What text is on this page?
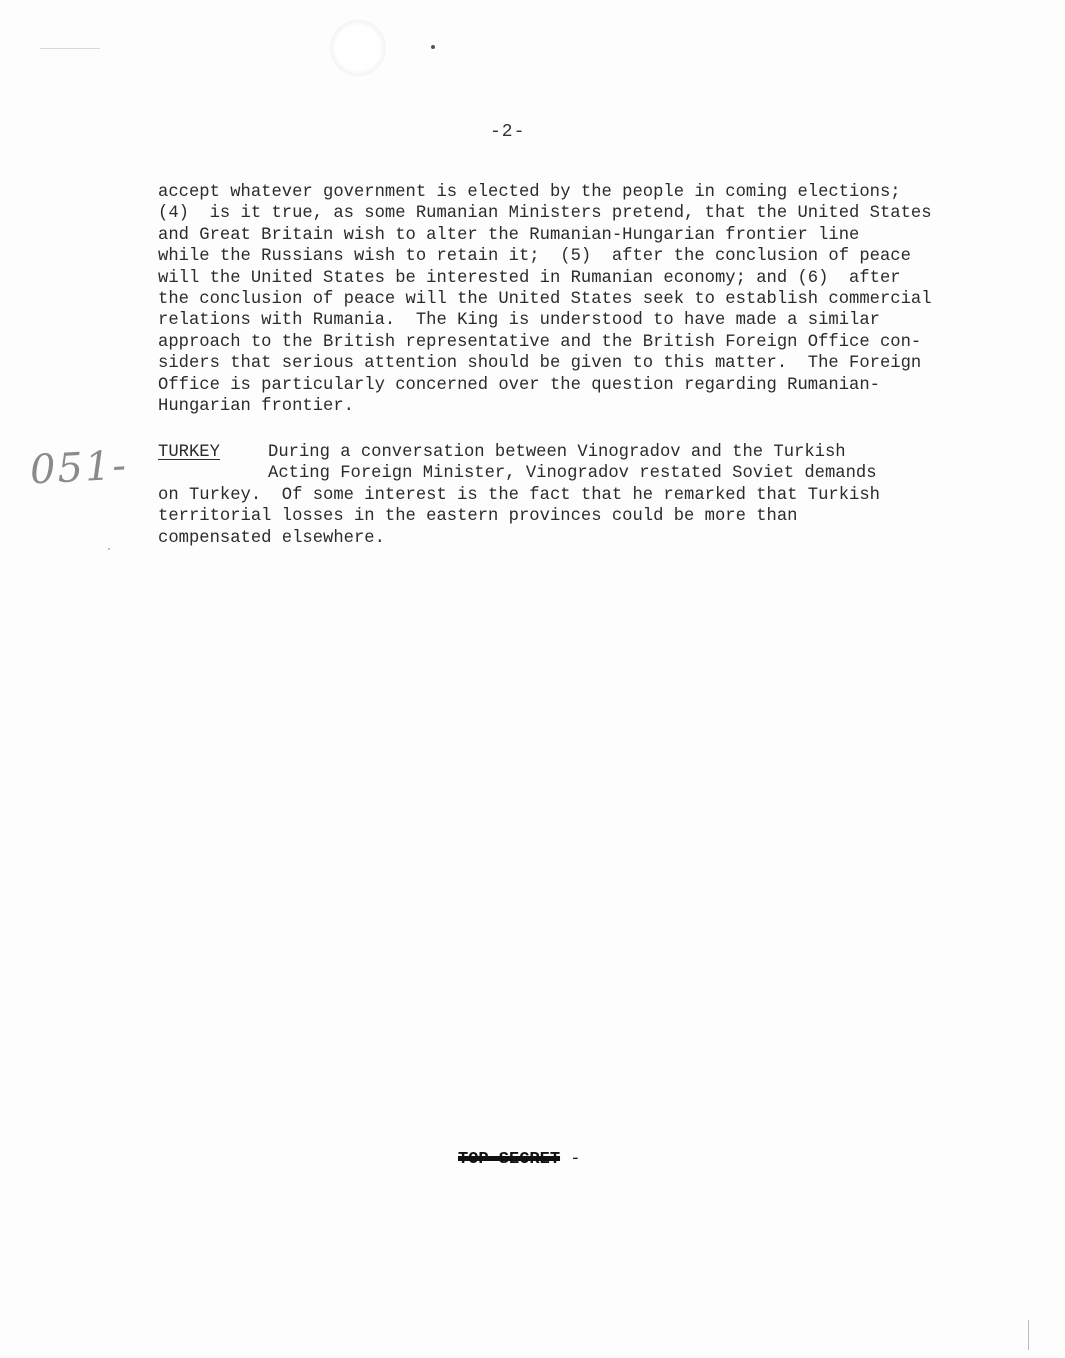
-2-
accept whatever government is elected by the people in coming elections;
(4)  is it true, as some Rumanian Ministers pretend, that the United States
and Great Britain wish to alter the Rumanian-Hungarian frontier line
while the Russians wish to retain it;  (5)  after the conclusion of peace
will the United States be interested in Rumanian economy; and (6)  after
the conclusion of peace will the United States seek to establish commercial
relations with Rumania.  The King is understood to have made a similar
approach to the British representative and the British Foreign Office con-
siders that serious attention should be given to this matter.  The Foreign
Office is particularly concerned over the question regarding Rumanian-
Hungarian frontier.
051- TURKEY	During a conversation between Vinogradov and the Turkish
Acting Foreign Minister, Vinogradov restated Soviet demands
on Turkey.  Of some interest is the fact that he remarked that Turkish
territorial losses in the eastern provinces could be more than
compensated elsewhere.
TOP SECRET -
